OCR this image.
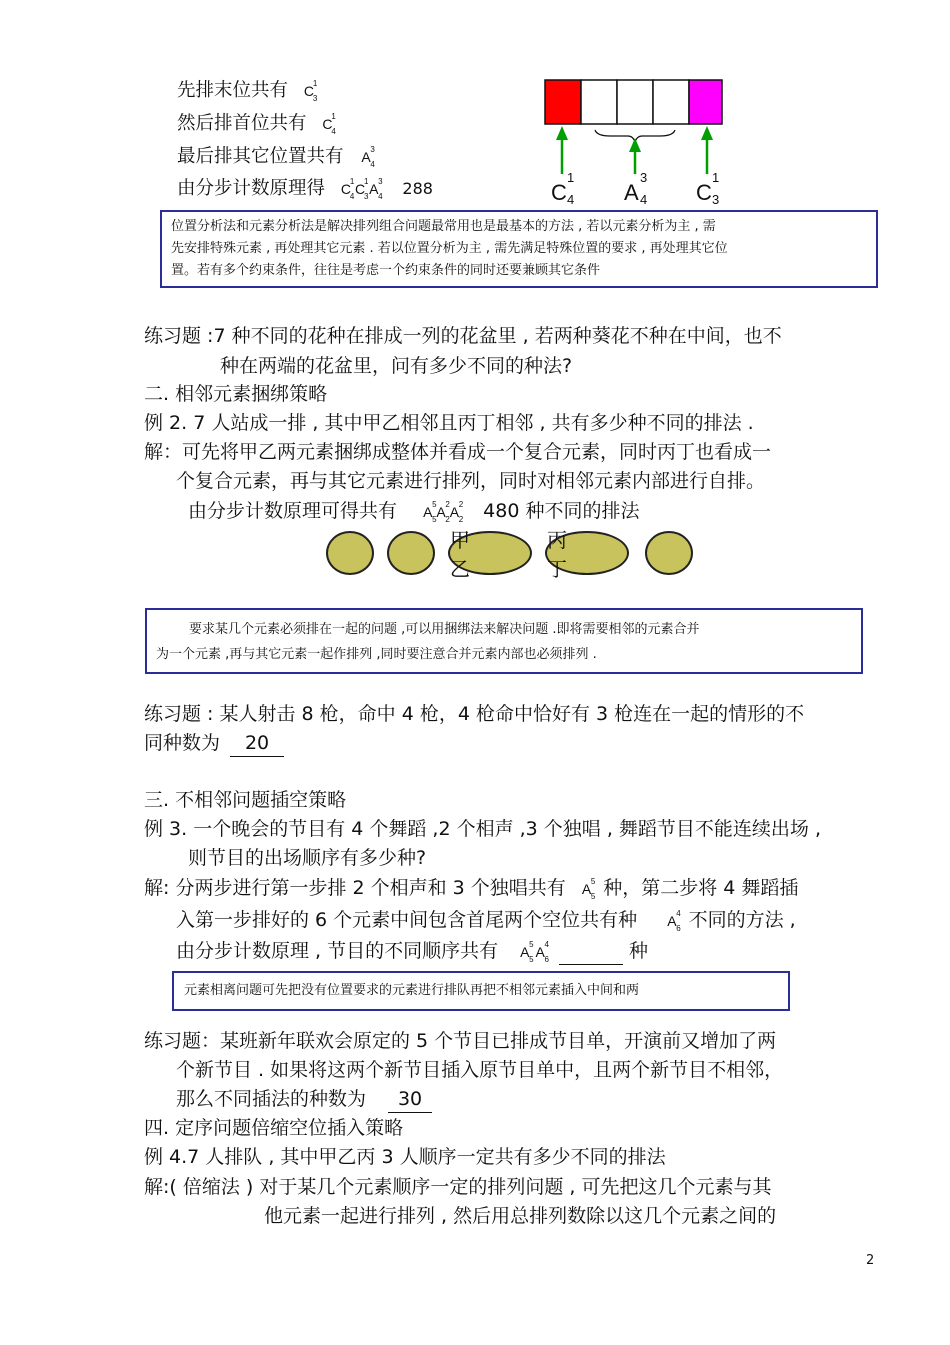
先排末位共有 C
1
3
然后排首位共有 C
1
4
最后排其它位置共有 A 3
4
由分步计数原理得 C
1
4 C
1
3 A 3
4 288	C
1
4 A
3
4 C
1
3
位置分析法和元素分析法是解决排列组合问题最常用也是最基本的方法 , 若以元素分析为主 , 需
先安排特殊元素 , 再处理其它元素 . 若以位置分析为主 , 需先满足特殊位置的要求 , 再处理其它位
置。若有多个约束条件，往往是考虑一个约束条件的同时还要兼顾其它条件
练习题 :7 种不同的花种在排成一列的花盆里 , 若两种葵花不种在中间，也不
种在两端的花盆里，问有多少不同的种法?
二. 相邻元素捆绑策略
例 2. 7 人站成一排 , 其中甲乙相邻且丙丁相邻 , 共有多少种不同的排法 .
解：可先将甲乙两元素捆绑成整体并看成一个复合元素，同时丙丁也看成一
个复合元素，再与其它元素进行排列，同时对相邻元素内部进行自排。
由分步计数原理可得共有 A 5
5 A 2
2 A 2
2 480 种不同的排法
甲 乙
丙 丁
要求某几个元素必须排在一起的问题 ,可以用捆绑法来解决问题 .即将需要相邻的元素合并
为一个元素 ,再与其它元素一起作排列 ,同时要注意合并元素内部也必须排列 .
练习题 : 某人射击 8 枪，命中 4 枪，4 枪命中恰好有 3 枪连在一起的情形的不
同种数为 20
三. 不相邻问题插空策略
例 3. 一个晚会的节目有 4 个舞蹈 ,2 个相声 ,3 个独唱 , 舞蹈节目不能连续出场 ,
则节目的出场顺序有多少种?
解: 分两步进行第一步排 2 个相声和 3 个独唱共有 A 5
5 种，第二步将 4 舞蹈插
入第一步排好的 6 个元素中间包含首尾两个空位共有种 A 4
6 不同的方法 ,
由分步计数原理 , 节目的不同顺序共有 A 5
5 A 4
6	种
元素相离问题可先把没有位置要求的元素进行排队再把不相邻元素插入中间和两
练习题：某班新年联欢会原定的 5 个节目已排成节目单，开演前又增加了两
个新节目 . 如果将这两个新节目插入原节目单中，且两个新节目不相邻，
那么不同插法的种数为 30
四. 定序问题倍缩空位插入策略
例 4.7 人排队 , 其中甲乙丙 3 人顺序一定共有多少不同的排法
解:( 倍缩法 ) 对于某几个元素顺序一定的排列问题 , 可先把这几个元素与其
他元素一起进行排列 , 然后用总排列数除以这几个元素之间的
2
